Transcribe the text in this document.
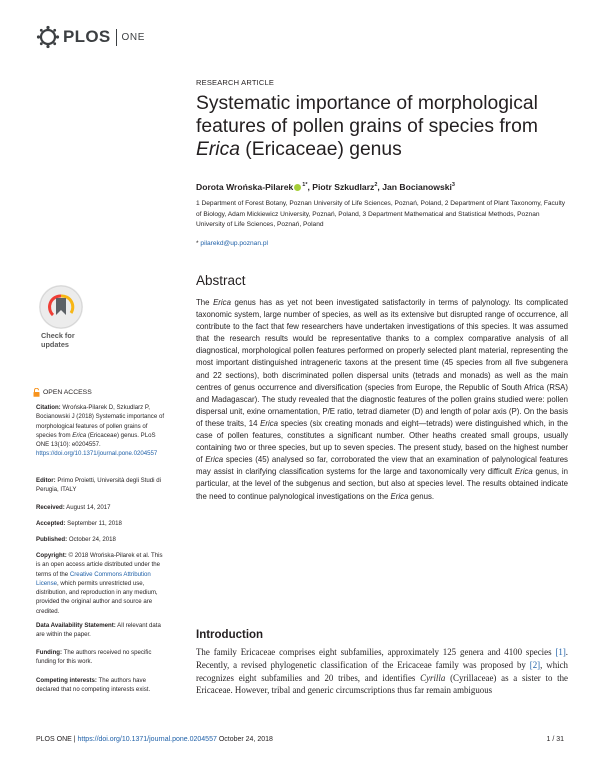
PLOS ONE
RESEARCH ARTICLE
Systematic importance of morphological features of pollen grains of species from Erica (Ericaceae) genus
Dorota Wrońska-Pilarek $^{1*}$, Piotr Szkudlarz$^2$, Jan Bocianowski$^3$
1 Department of Forest Botany, Poznan University of Life Sciences, Poznań, Poland, 2 Department of Plant Taxonomy, Faculty of Biology, Adam Mickiewicz University, Poznań, Poland, 3 Department Mathematical and Statistical Methods, Poznan University of Life Sciences, Poznań, Poland
* pilarekd@up.poznan.pl
Check for
updates
OPEN ACCESS
Citation: Wrońska-Pilarek D, Szkudlarz P, Bocianowski J (2018) Systematic importance of morphological features of pollen grains of species from Erica (Ericaceae) genus. PLoS ONE 13(10): e0204557. https://doi.org/10.1371/journal.pone.0204557
Editor: Primo Proietti, Università degli Studi di Perugia, ITALY
Received: August 14, 2017
Accepted: September 11, 2018
Published: October 24, 2018
Copyright: © 2018 Wrońska-Pilarek et al. This is an open access article distributed under the terms of the Creative Commons Attribution License, which permits unrestricted use, distribution, and reproduction in any medium, provided the original author and source are credited.
Data Availability Statement: All relevant data are within the paper.
Funding: The authors received no specific funding for this work.
Competing interests: The authors have declared that no competing interests exist.
Abstract
The Erica genus has as yet not been investigated satisfactorily in terms of palynology. Its complicated taxonomic system, large number of species, as well as its extensive but disrupted range of occurrence, all contribute to the fact that few researchers have undertaken investigations of this species. It was assumed that the research results would be representative thanks to a complex comparative analysis of all diagnostical, morphological pollen features performed on properly selected plant material, representing the most important distinguished intrageneric taxons at the present time (45 species from all five subgenera and 22 sections), both discriminated pollen dispersal units (tetrads and monads) as well as the main centres of genus occurrence and diversification (species from Europe, the Republic of South Africa (RSA) and Madagascar). The study revealed that the diagnostic features of the pollen grains studied were: pollen dispersal unit, exine ornamentation, P/E ratio, tetrad diameter (D) and length of polar axis (P). On the basis of these traits, 14 Erica species (six creating monads and eight—tetrads) were distinguished which, in the case of pollen features, constitutes a significant number. Other heaths created small groups, usually containing two or three species, but up to seven species. The present study, based on the highest number of Erica species (45) analysed so far, corroborated the view that an examination of palynological features may assist in clarifying classification systems for the large and taxonomically very difficult Erica genus, in particular, at the level of the subgenus and section, but also at species level. The results obtained indicate the need to continue palynological investigations on the Erica genus.
Introduction
The family Ericaceae comprises eight subfamilies, approximately 125 genera and 4100 species [1]. Recently, a revised phylogenetic classification of the Ericaceae family was proposed by [2], which recognizes eight subfamilies and 20 tribes, and identifies Cyrilla (Cyrillaceae) as a sister to the Ericaceae. However, tribal and generic circumscriptions thus far remain ambiguous
PLOS ONE | https://doi.org/10.1371/journal.pone.0204557 October 24, 2018	1 / 31
